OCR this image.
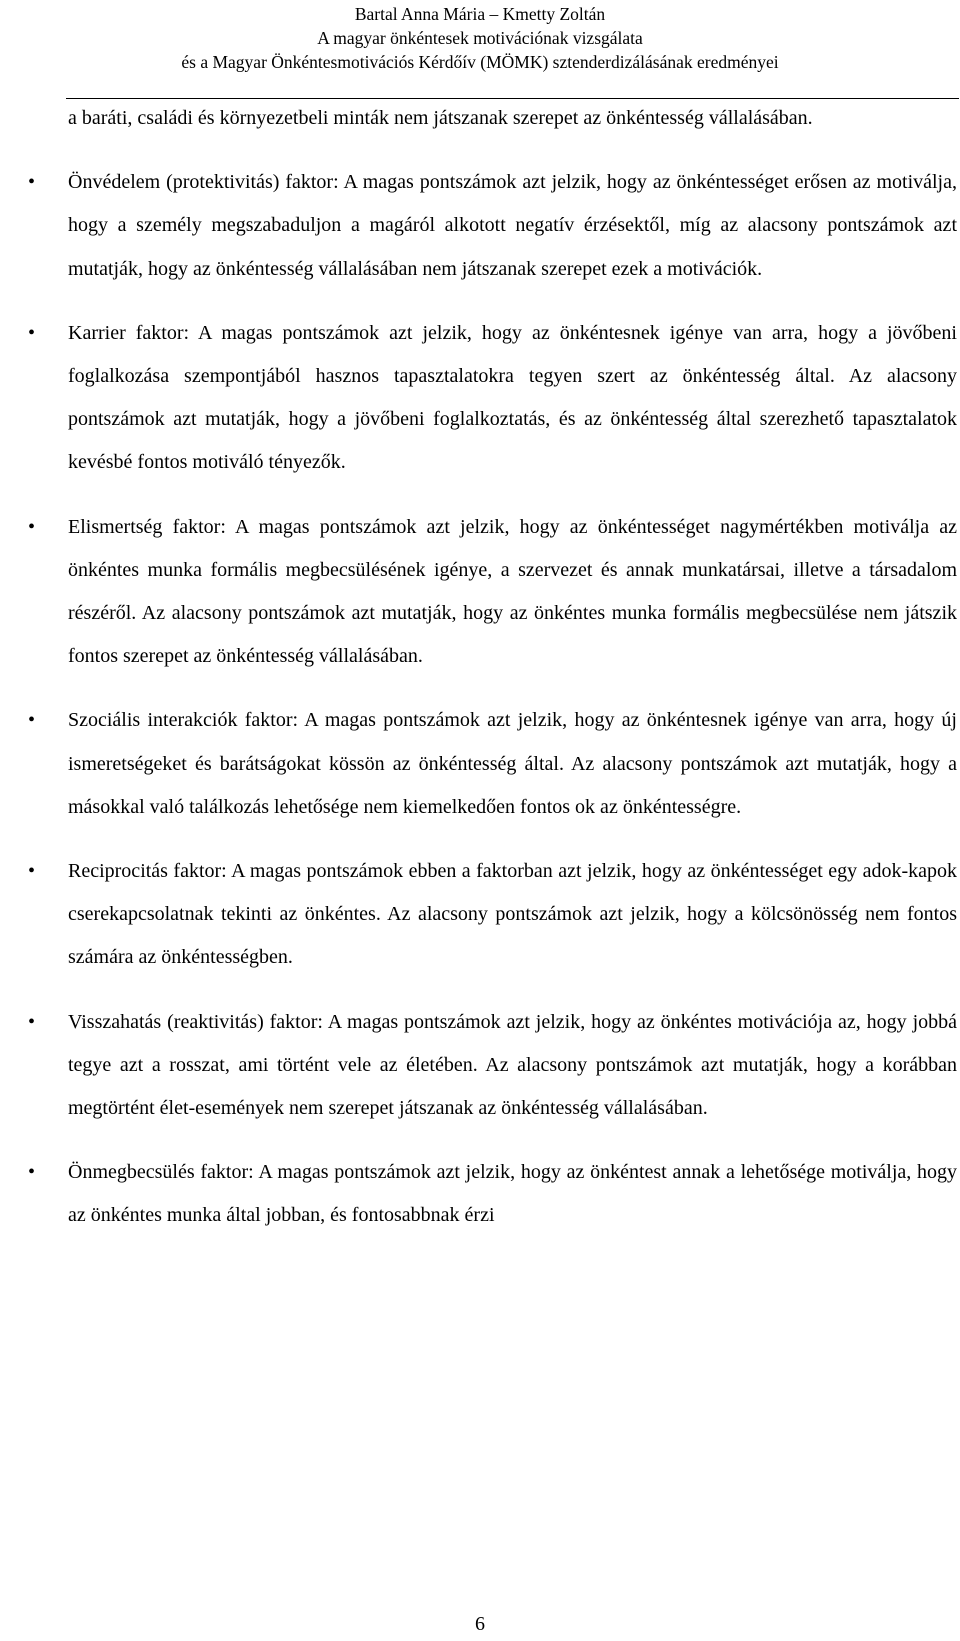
Bartal Anna Mária – Kmetty Zoltán
A magyar önkéntesek motivációnak vizsgálata
és a Magyar Önkéntesmotivációs Kérdőív (MÖMK) sztenderdizálásának eredményei

a baráti, családi és környezetbeli minták nem játszanak szerepet az önkéntesség vállalásában.

• Önvédelem (protektivitás) faktor: A magas pontszámok azt jelzik, hogy az önkéntességet erősen az motiválja, hogy a személy megszabaduljon a magáról alkotott negatív érzésektől, míg az alacsony pontszámok azt mutatják, hogy az önkéntesség vállalásában nem játszanak szerepet ezek a motivációk.
• Karrier faktor: A magas pontszámok azt jelzik, hogy az önkéntesnek igénye van arra, hogy a jövőbeni foglalkozása szempontjából hasznos tapasztalatokra tegyen szert az önkéntesség által. Az alacsony pontszámok azt mutatják, hogy a jövőbeni foglalkoztatás, és az önkéntesség által szerezhető tapasztalatok kevésbé fontos motiváló tényezők.
• Elismertség faktor: A magas pontszámok azt jelzik, hogy az önkéntességet nagymértékben motiválja az önkéntes munka formális megbecsülésének igénye, a szervezet és annak munkatársai, illetve a társadalom részéről. Az alacsony pontszámok azt mutatják, hogy az önkéntes munka formális megbecsülése nem játszik fontos szerepet az önkéntesség vállalásában.
• Szociális interakciók faktor: A magas pontszámok azt jelzik, hogy az önkéntesnek igénye van arra, hogy új ismeretségeket és barátságokat kössön az önkéntesség által. Az alacsony pontszámok azt mutatják, hogy a másokkal való találkozás lehetősége nem kiemelkedően fontos ok az önkéntességre.
• Reciprocitás faktor: A magas pontszámok ebben a faktorban azt jelzik, hogy az önkéntességet egy adok-kapok cserekapcsolatnak tekinti az önkéntes. Az alacsony pontszámok azt jelzik, hogy a kölcsönösség nem fontos számára az önkéntességben.
• Visszahatás (reaktivitás) faktor: A magas pontszámok azt jelzik, hogy az önkéntes motivációja az, hogy jobbá tegye azt a rosszat, ami történt vele az életében. Az alacsony pontszámok azt mutatják, hogy a korábban megtörtént élet-események nem szerepet játszanak az önkéntesség vállalásában.
• Önmegbecsülés faktor: A magas pontszámok azt jelzik, hogy az önkéntest annak a lehetősége motiválja, hogy az önkéntes munka által jobban, és fontosabbnak érzi
6
